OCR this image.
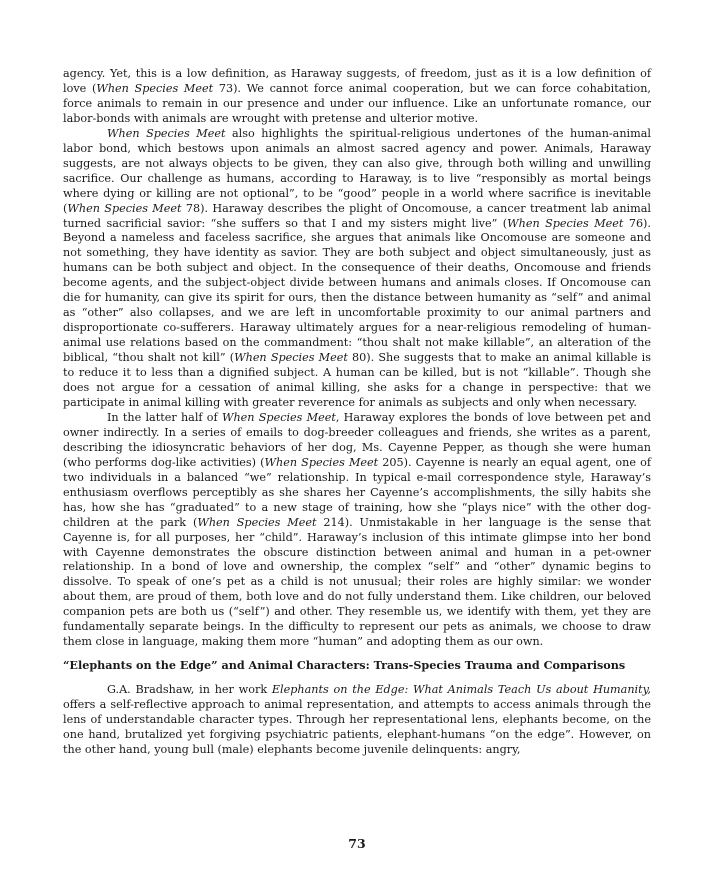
agency. Yet, this is a low definition, as Haraway suggests, of freedom, just as it is a low definition of love (When Species Meet 73). We cannot force animal cooperation, but we can force cohabitation, force animals to remain in our presence and under our influence. Like an unfortunate romance, our labor-bonds with animals are wrought with pretense and ulterior motive.

When Species Meet also highlights the spiritual-religious undertones of the human-animal labor bond, which bestows upon animals an almost sacred agency and power. Animals, Haraway suggests, are not always objects to be given, they can also give, through both willing and unwilling sacrifice. Our challenge as humans, according to Haraway, is to live “responsibly as mortal beings where dying or killing are not optional”, to be “good” people in a world where sacrifice is inevitable (When Species Meet 78). Haraway describes the plight of Oncomouse, a cancer treatment lab animal turned sacrificial savior: “she suffers so that I and my sisters might live” (When Species Meet 76). Beyond a nameless and faceless sacrifice, she argues that animals like Oncomouse are someone and not something, they have identity as savior. They are both subject and object simultaneously, just as humans can be both subject and object. In the consequence of their deaths, Oncomouse and friends become agents, and the subject-object divide between humans and animals closes. If Oncomouse can die for humanity, can give its spirit for ours, then the distance between humanity as “self” and animal as “other” also collapses, and we are left in uncomfortable proximity to our animal partners and disproportionate co-sufferers. Haraway ultimately argues for a near-religious remodeling of human-animal use relations based on the commandment: “thou shalt not make killable”, an alteration of the biblical, “thou shalt not kill” (When Species Meet 80). She suggests that to make an animal killable is to reduce it to less than a dignified subject. A human can be killed, but is not “killable”. Though she does not argue for a cessation of animal killing, she asks for a change in perspective: that we participate in animal killing with greater reverence for animals as subjects and only when necessary.

In the latter half of When Species Meet, Haraway explores the bonds of love between pet and owner indirectly. In a series of emails to dog-breeder colleagues and friends, she writes as a parent, describing the idiosyncratic behaviors of her dog, Ms. Cayenne Pepper, as though she were human (who performs dog-like activities) (When Species Meet 205). Cayenne is nearly an equal agent, one of two individuals in a balanced “we” relationship. In typical e-mail correspondence style, Haraway’s enthusiasm overflows perceptibly as she shares her Cayenne’s accomplishments, the silly habits she has, how she has “graduated” to a new stage of training, how she “plays nice” with the other dog-children at the park (When Species Meet 214). Unmistakable in her language is the sense that Cayenne is, for all purposes, her “child”. Haraway’s inclusion of this intimate glimpse into her bond with Cayenne demonstrates the obscure distinction between animal and human in a pet-owner relationship. In a bond of love and ownership, the complex “self” and “other” dynamic begins to dissolve. To speak of one’s pet as a child is not unusual; their roles are highly similar: we wonder about them, are proud of them, both love and do not fully understand them. Like children, our beloved companion pets are both us (“self”) and other. They resemble us, we identify with them, yet they are fundamentally separate beings. In the difficulty to represent our pets as animals, we choose to draw them close in language, making them more “human” and adopting them as our own.

“Elephants on the Edge” and Animal Characters: Trans-Species Trauma and Comparisons

G.A. Bradshaw, in her work Elephants on the Edge: What Animals Teach Us about Humanity, offers a self-reflective approach to animal representation, and attempts to access animals through the lens of understandable character types. Through her representational lens, elephants become, on the one hand, brutalized yet forgiving psychiatric patients, elephant-humans “on the edge”. However, on the other hand, young bull (male) elephants become juvenile delinquents: angry,

73
